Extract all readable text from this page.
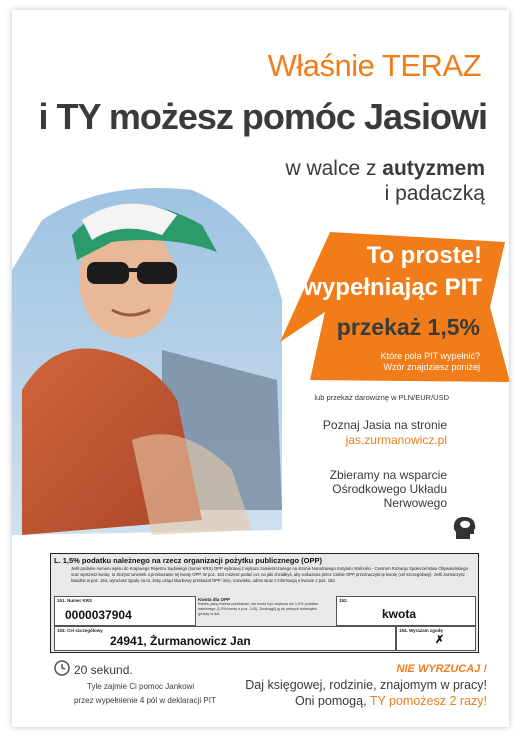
Właśnie TERAZ
i TY możesz pomóc Jasiowi
w walce z autyzmem
i padaczką
To proste!
wypełniając PIT
przekaż 1,5%
Które pola PIT wypełnić?
Wzór znajdziesz poniżej
lub przekaż darowiznę w PLN/EUR/USD
Poznaj Jasia na stronie
jas.zurmanowicz.pl
Zbieramy na wsparcie
Ośrodkowego Układu
Nerwowego
L. 1,5% podatku należnego na rzecz organizacji pożytku publicznego (OPP)
Jeśli podanie numeru wpisu do Krajowego Rejestru Sądowego (numer KRS) OPP wybranej z wykazu zamieszczonego na stronie Narodowego Instytutu Wolności - Centrum Rozwoju Społeczeństwa Obywatelskiego oraz wpiszesz kwotę, to złożysz wniosek o przekazanie tej kwoty OPP. W poz. 153 możesz podać cel, na jaki chciałbyś, aby wskazana przez Ciebie OPP przeznaczyła tę kwotę (cel szczegółowy). Jeśli zaznaczysz kwadrat w poz. 154, wyrażasz zgodę na to, żeby urząd skarbowy przekazał OPP: imię, nazwisko, adres wraz z informacją o kwocie z poz. 152.
151. Numer KRS
0000037904
Kwota dla OPP
Kwota, jaką chcesz przekazać, nie może być większa niż 1,5% podatku należnego (1,5% kwoty z poz. 143). Zaokrąglij ją do pełnych dziesiątek groszy w dół.
152.
kwota
153. Cel szczegółowy
24941, Żurmanowicz Jan
154. Wyrażam zgodę
✗
20 sekund.
Tyle zajmie Ci pomoc Jankowi
przez wypełnienie 4 pól w deklaracji PIT
NIE WYRZUCAJ !
Daj księgowej, rodzinie, znajomym w pracy!
Oni pomogą, TY pomożesz 2 razy!
